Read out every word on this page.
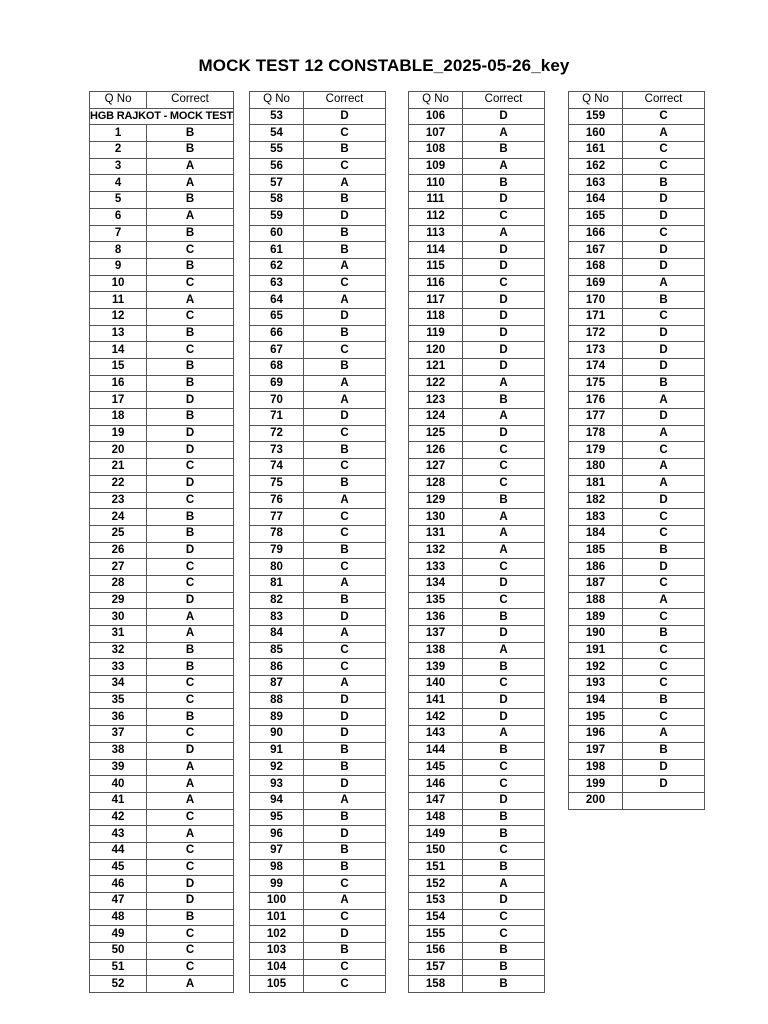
MOCK TEST 12 CONSTABLE_2025-05-26_key
Q No	Correct
HGB RAJKOT - MOCK TEST	
1	B
2	B
3	A
4	A
5	B
6	A
7	B
8	C
9	B
10	C
11	A
12	C
13	B
14	C
15	B
16	B
17	D
18	B
19	D
20	D
21	C
22	D
23	C
24	B
25	B
26	D
27	C
28	C
29	D
30	A
31	A
32	B
33	B
34	C
35	C
36	B
37	C
38	D
39	A
40	A
41	A
42	C
43	A
44	C
45	C
46	D
47	D
48	B
49	C
50	C
51	C
52	A
Q No	Correct
53	D
54	C
55	B
56	C
57	A
58	B
59	D
60	B
61	B
62	A
63	C
64	A
65	D
66	B
67	C
68	B
69	A
70	A
71	D
72	C
73	B
74	C
75	B
76	A
77	C
78	C
79	B
80	C
81	A
82	B
83	D
84	A
85	C
86	C
87	A
88	D
89	D
90	D
91	B
92	B
93	D
94	A
95	B
96	D
97	B
98	B
99	C
100	A
101	C
102	D
103	B
104	C
105	C
Q No	Correct
106	D
107	A
108	B
109	A
110	B
111	D
112	C
113	A
114	D
115	D
116	C
117	D
118	D
119	D
120	D
121	D
122	A
123	B
124	A
125	D
126	C
127	C
128	C
129	B
130	A
131	A
132	A
133	C
134	D
135	C
136	B
137	D
138	A
139	B
140	C
141	D
142	D
143	A
144	B
145	C
146	C
147	D
148	B
149	B
150	C
151	B
152	A
153	D
154	C
155	C
156	B
157	B
158	B
Q No	Correct
159	C
160	A
161	C
162	C
163	B
164	D
165	D
166	C
167	D
168	D
169	A
170	B
171	C
172	D
173	D
174	D
175	B
176	A
177	D
178	A
179	C
180	A
181	A
182	D
183	C
184	C
185	B
186	D
187	C
188	A
189	C
190	B
191	C
192	C
193	C
194	B
195	C
196	A
197	B
198	D
199	D
200	
